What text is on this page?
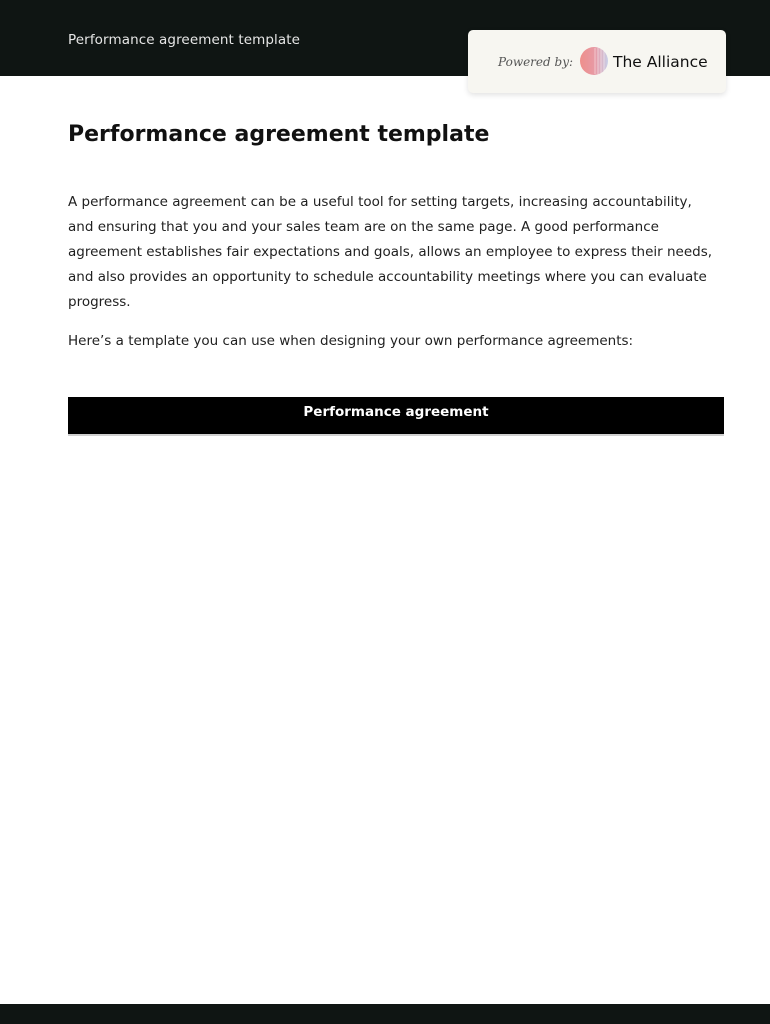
Performance agreement template
Powered by:	The Alliance
Performance agreement template

A performance agreement can be a useful tool for setting targets, increasing accountability, and ensuring that you and your sales team are on the same page. A good performance agreement establishes fair expectations and goals, allows an employee to express their needs, and also provides an opportunity to schedule accountability meetings where you can evaluate progress.

Here’s a template you can use when designing your own performance agreements:

Performance agreement
